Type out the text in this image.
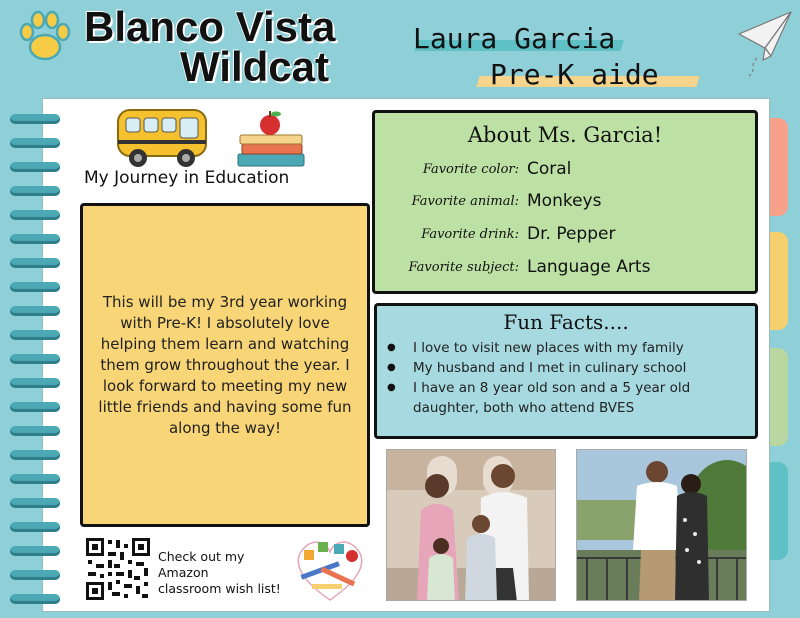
Blanco Vista
Wildcat
Laura Garcia
Pre-K aide
My Journey in Education

This will be my 3rd year working with Pre-K! I absolutely love helping them learn and watching them grow throughout the year. I look forward to meeting my new little friends and having some fun along the way!

About Ms. Garcia!
Favorite color: Coral
Favorite animal: Monkeys
Favorite drink: Dr. Pepper
Favorite subject: Language Arts
Fun Facts....
● I love to visit new places with my family
● My husband and I met in culinary school
● I have an 8 year old son and a 5 year old daughter, both who attend BVES
Check out my
Amazon
classroom wish list!
